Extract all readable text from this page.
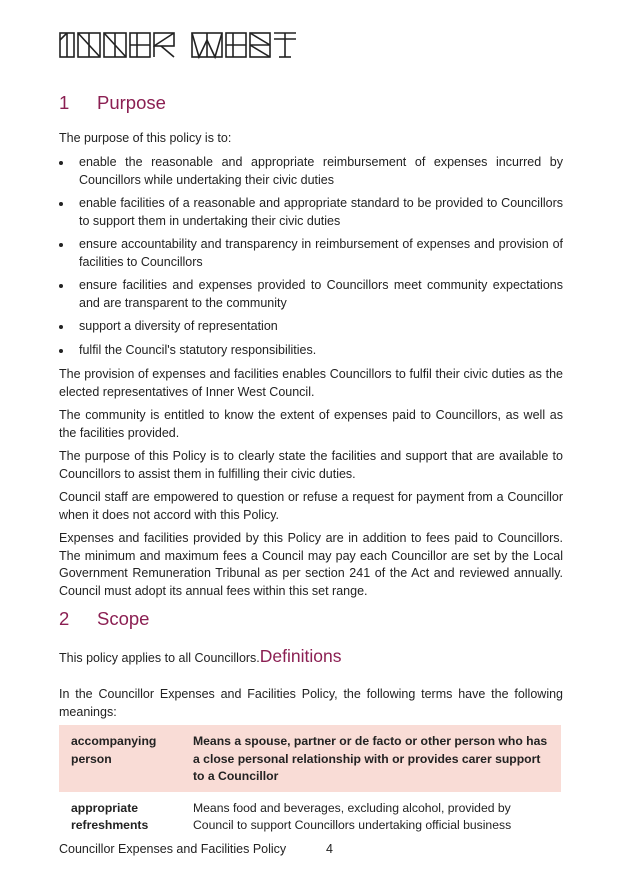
1 Purpose

The purpose of this policy is to:

enable the reasonable and appropriate reimbursement of expenses incurred by Councillors while undertaking their civic duties
enable facilities of a reasonable and appropriate standard to be provided to Councillors to support them in undertaking their civic duties
ensure accountability and transparency in reimbursement of expenses and provision of facilities to Councillors
ensure facilities and expenses provided to Councillors meet community expectations and are transparent to the community
support a diversity of representation
fulfil the Council's statutory responsibilities.

The provision of expenses and facilities enables Councillors to fulfil their civic duties as the elected representatives of Inner West Council.

The community is entitled to know the extent of expenses paid to Councillors, as well as the facilities provided.

The purpose of this Policy is to clearly state the facilities and support that are available to Councillors to assist them in fulfilling their civic duties.

Council staff are empowered to question or refuse a request for payment from a Councillor when it does not accord with this Policy.

Expenses and facilities provided by this Policy are in addition to fees paid to Councillors. The minimum and maximum fees a Council may pay each Councillor are set by the Local Government Remuneration Tribunal as per section 241 of the Act and reviewed annually. Council must adopt its annual fees within this set range.

2 Scope

This policy applies to all Councillors.Definitions

In the Councillor Expenses and Facilities Policy, the following terms have the following meanings:

accompanying person	Means a spouse, partner or de facto or other person who has a close personal relationship with or provides carer support to a Councillor
appropriate refreshments	Means food and beverages, excluding alcohol, provided by Council to support Councillors undertaking official business
Councillor Expenses and Facilities Policy	4
